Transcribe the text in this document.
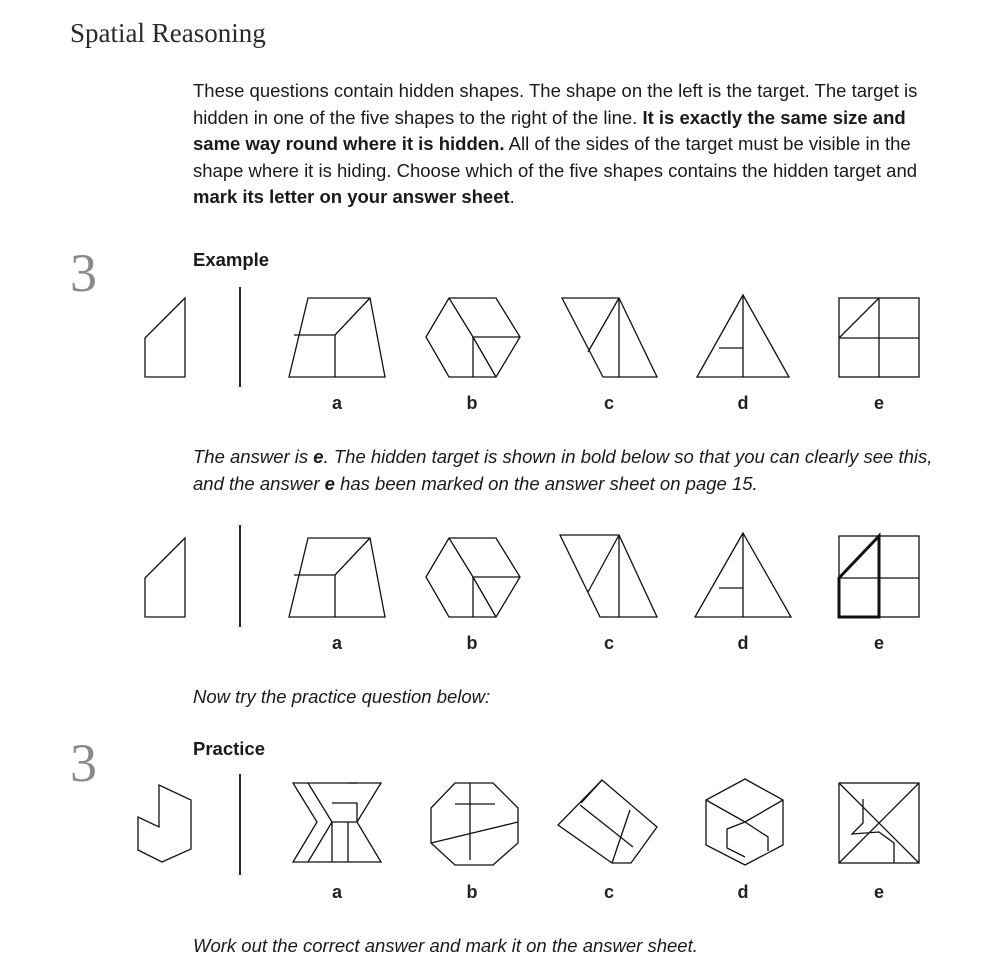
Spatial Reasoning
These questions contain hidden shapes. The shape on the left is the target. The target is hidden in one of the five shapes to the right of the line. It is exactly the same size and same way round where it is hidden. All of the sides of the target must be visible in the shape where it is hiding. Choose which of the five shapes contains the hidden target and mark its letter on your answer sheet.
3	Example
a	b	c	d	e
The answer is e. The hidden target is shown in bold below so that you can clearly see this, and the answer e has been marked on the answer sheet on page 15.
a	b	c	d	e
Now try the practice question below:
3	Practice
a	b	c	d	e
Work out the correct answer and mark it on the answer sheet.
